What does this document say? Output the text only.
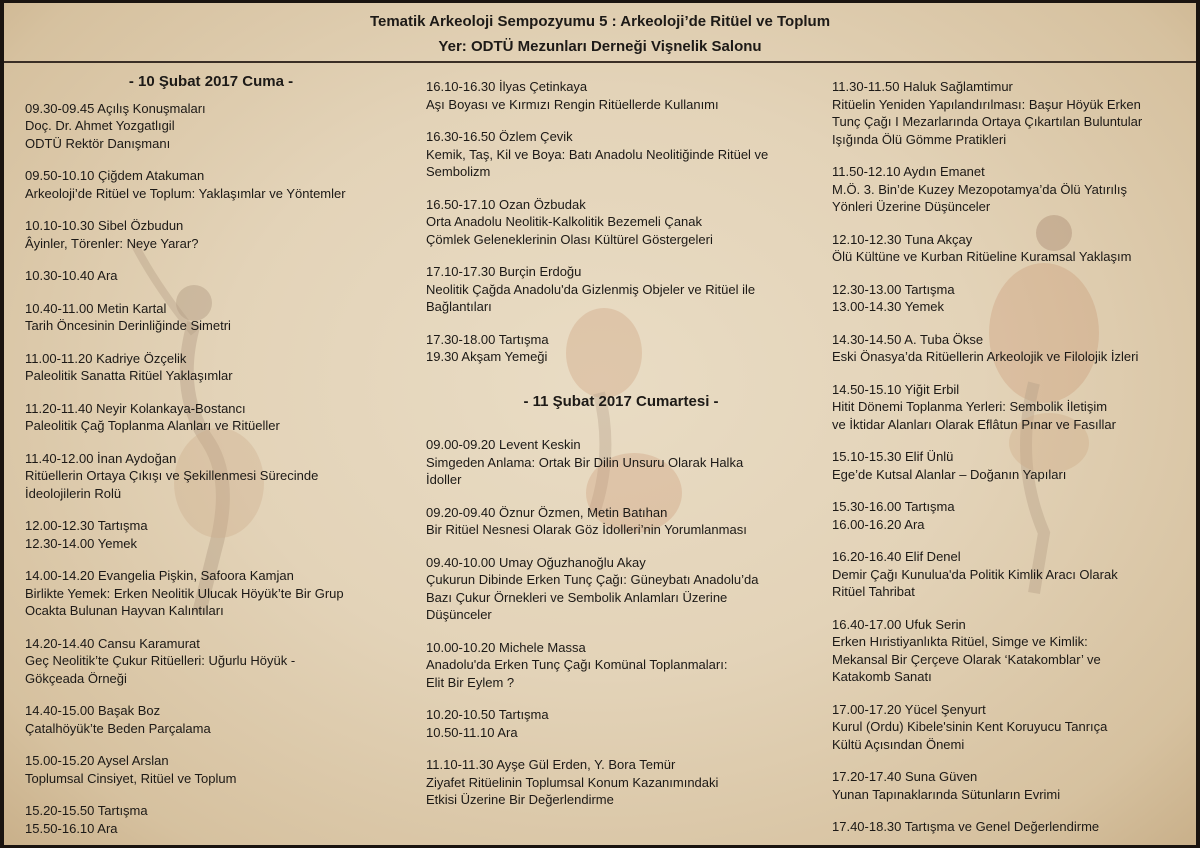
Tematik Arkeoloji Sempozyumu 5 : Arkeoloji’de Ritüel ve Toplum
Yer: ODTÜ Mezunları Derneği Vişnelik Salonu
- 10 Şubat 2017 Cuma -
09.30-09.45 Açılış Konuşmaları
Doç. Dr. Ahmet Yozgatlıgil
ODTÜ Rektör Danışmanı
09.50-10.10 Çiğdem Atakuman
Arkeoloji’de Ritüel ve Toplum: Yaklaşımlar ve Yöntemler
10.10-10.30 Sibel Özbudun
Âyinler, Törenler: Neye Yarar?
10.30-10.40 Ara
10.40-11.00 Metin Kartal
Tarih Öncesinin Derinliğinde Simetri
11.00-11.20 Kadriye Özçelik
Paleolitik Sanatta Ritüel Yaklaşımlar
11.20-11.40 Neyir Kolankaya-Bostancı
Paleolitik Çağ Toplanma Alanları ve Ritüeller
11.40-12.00 İnan Aydoğan
Ritüellerin Ortaya Çıkışı ve Şekillenmesi Sürecinde
İdeolojilerin Rolü
12.00-12.30 Tartışma
12.30-14.00 Yemek
14.00-14.20 Evangelia Pişkin, Safoora Kamjan
Birlikte Yemek: Erken Neolitik Ulucak Höyük’te Bir Grup
Ocakta Bulunan Hayvan Kalıntıları
14.20-14.40 Cansu Karamurat
Geç Neolitik’te Çukur Ritüelleri: Uğurlu Höyük -
Gökçeada Örneği
14.40-15.00 Başak Boz
Çatalhöyük’te Beden Parçalama
15.00-15.20 Aysel Arslan
Toplumsal Cinsiyet, Ritüel ve Toplum
15.20-15.50 Tartışma
15.50-16.10 Ara
16.10-16.30 İlyas Çetinkaya
Aşı Boyası ve Kırmızı Rengin Ritüellerde Kullanımı
16.30-16.50 Özlem Çevik
Kemik, Taş, Kil ve Boya: Batı Anadolu Neolitiğinde Ritüel ve
Sembolizm
16.50-17.10 Ozan Özbudak
Orta Anadolu Neolitik-Kalkolitik Bezemeli Çanak
Çömlek Geleneklerinin Olası Kültürel Göstergeleri
17.10-17.30 Burçin Erdoğu
Neolitik Çağda Anadolu'da Gizlenmiş Objeler ve Ritüel ile
Bağlantıları
17.30-18.00 Tartışma
19.30 Akşam Yemeği
- 11 Şubat 2017 Cumartesi -
09.00-09.20 Levent Keskin
Simgeden Anlama: Ortak Bir Dilin Unsuru Olarak Halka
İdoller
09.20-09.40 Öznur Özmen, Metin Batıhan
Bir Ritüel Nesnesi Olarak Göz İdolleri’nin Yorumlanması
09.40-10.00 Umay Oğuzhanoğlu Akay
Çukurun Dibinde Erken Tunç Çağı: Güneybatı Anadolu’da
Bazı Çukur Örnekleri ve Sembolik Anlamları Üzerine
Düşünceler
10.00-10.20 Michele Massa
Anadolu'da Erken Tunç Çağı Komünal Toplanmaları:
Elit Bir Eylem ?
10.20-10.50 Tartışma
10.50-11.10 Ara
11.10-11.30 Ayşe Gül Erden, Y. Bora Temür
Ziyafet Ritüelinin Toplumsal Konum Kazanımındaki
Etkisi Üzerine Bir Değerlendirme
11.30-11.50 Haluk Sağlamtimur
Ritüelin Yeniden Yapılandırılması: Başur Höyük Erken
Tunç Çağı I Mezarlarında Ortaya Çıkartılan Buluntular
Işığında Ölü Gömme Pratikleri
11.50-12.10 Aydın Emanet
M.Ö. 3. Bin’de Kuzey Mezopotamya’da Ölü Yatırılış
Yönleri Üzerine Düşünceler
12.10-12.30 Tuna Akçay
Ölü Kültüne ve Kurban Ritüeline Kuramsal Yaklaşım
12.30-13.00 Tartışma
13.00-14.30 Yemek
14.30-14.50 A. Tuba Ökse
Eski Önasya’da Ritüellerin Arkeolojik ve Filolojik İzleri
14.50-15.10 Yiğit Erbil
Hitit Dönemi Toplanma Yerleri: Sembolik İletişim
ve İktidar Alanları Olarak Eflâtun Pınar ve Fasıllar
15.10-15.30 Elif Ünlü
Ege’de Kutsal Alanlar – Doğanın Yapıları
15.30-16.00 Tartışma
16.00-16.20 Ara
16.20-16.40 Elif Denel
Demir Çağı Kunulua'da Politik Kimlik Aracı Olarak
Ritüel Tahribat
16.40-17.00 Ufuk Serin
Erken Hıristiyanlıkta Ritüel, Simge ve Kimlik:
Mekansal Bir Çerçeve Olarak ‘Katakomblar’ ve
Katakomb Sanatı
17.00-17.20 Yücel Şenyurt
Kurul (Ordu) Kibele'sinin Kent Koruyucu Tanrıça
Kültü Açısından Önemi
17.20-17.40 Suna Güven
Yunan Tapınaklarında Sütunların Evrimi
17.40-18.30 Tartışma ve Genel Değerlendirme
